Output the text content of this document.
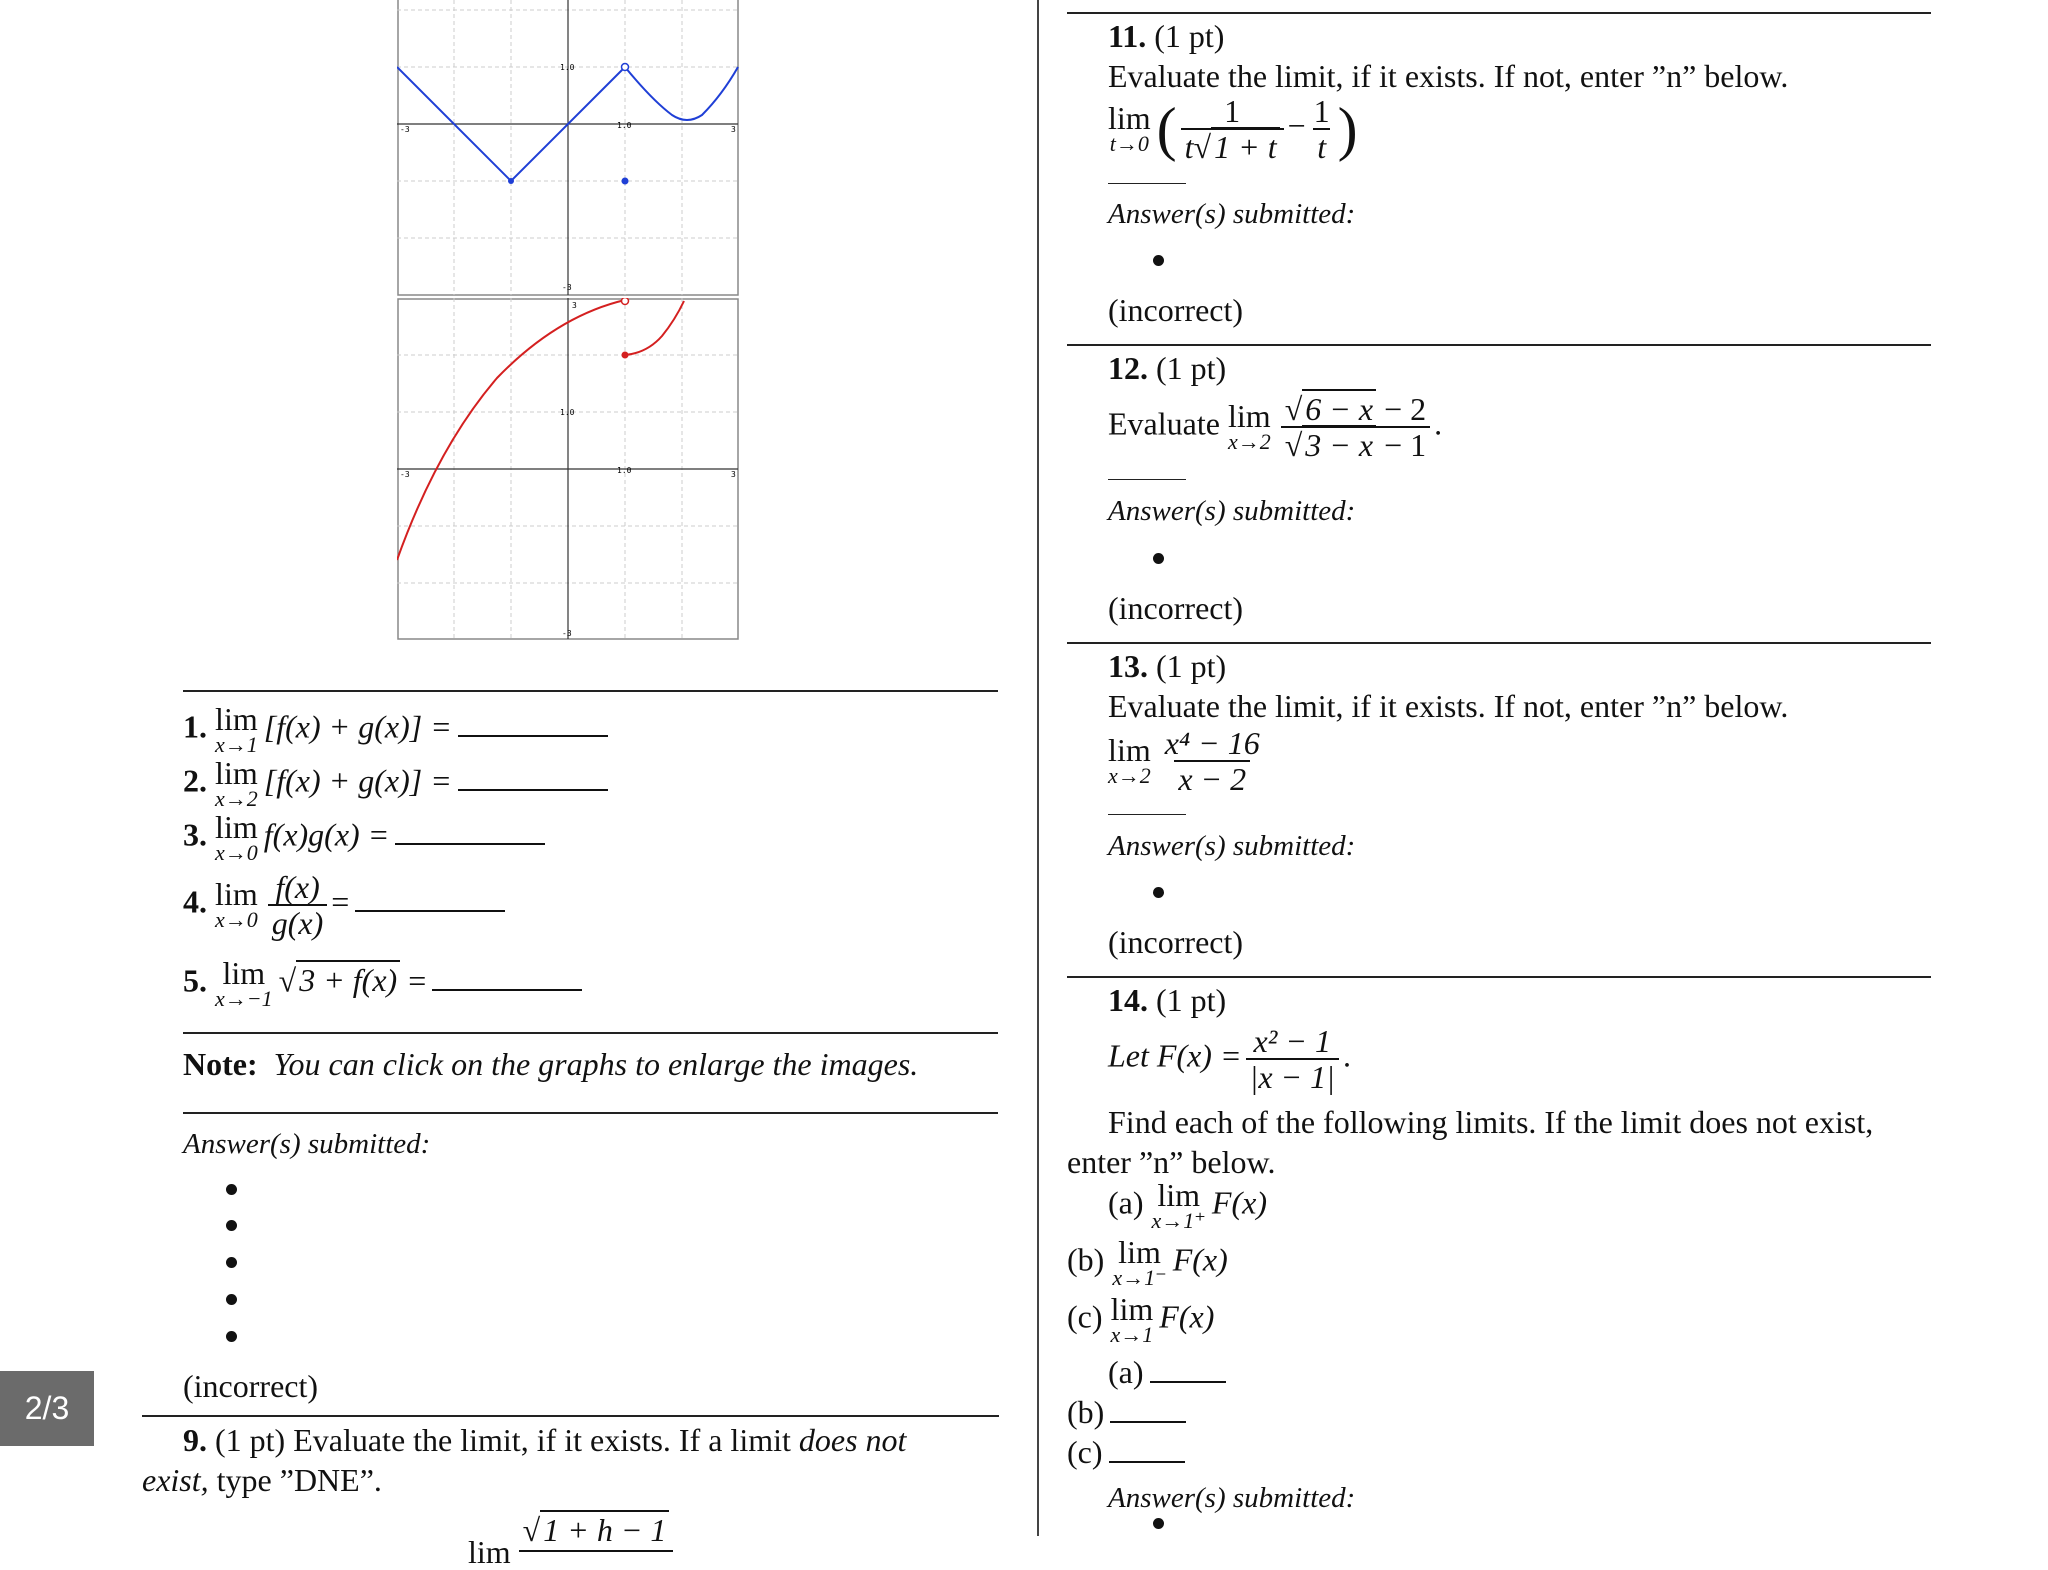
-3
-3	3
1.0
1.0
3
-3
-3	3
1.0
1.0
1. lim
x→1
[f(x) + g(x)] =
2. lim
x→2
[f(x) + g(x)] =
3. lim
x→0
f(x)g(x) =
4. lim
$x\to 0 \frac{f(x)}{g(x)}$ =
5. lim
x→−1
√3 + f(x) =
Note: You can click on the graphs to enlarge the images.
Answer(s) submitted:
(incorrect)
9. (1 pt) Evaluate the limit, if it exists. If a limit does not
exist, type ”DNE”.
lim √1 + h − 1
11. (1 pt)
Evaluate the limit, if it exists. If not, enter ”n” below.
lim
t→0 ( $\frac{1}{t√1 + t} - \frac{1}{t}$ )
Answer(s) submitted:
(incorrect)
12. (1 pt)
Evaluate lim
$x\to 2 \frac{√6 - x - 2}{√3 - x - 1}$ .
Answer(s) submitted:
(incorrect)
13. (1 pt)
Evaluate the limit, if it exists. If not, enter ”n” below.
lim
$x\to 2 \frac{\text{x⁴ − 16}}{x - 2}$
Answer(s) submitted:
(incorrect)
14. (1 pt)
Let $F(x) = \frac{\text{x² − 1}}{|x - 1|}$ .
Find each of the following limits. If the limit does not exist,
enter ”n” below.
(a) lim
x→1⁺
F(x)
(b) lim
x→1⁻
F(x)
(c) lim
x→1
F(x)
(a)
(b)
(c)
Answer(s) submitted:
2/3
